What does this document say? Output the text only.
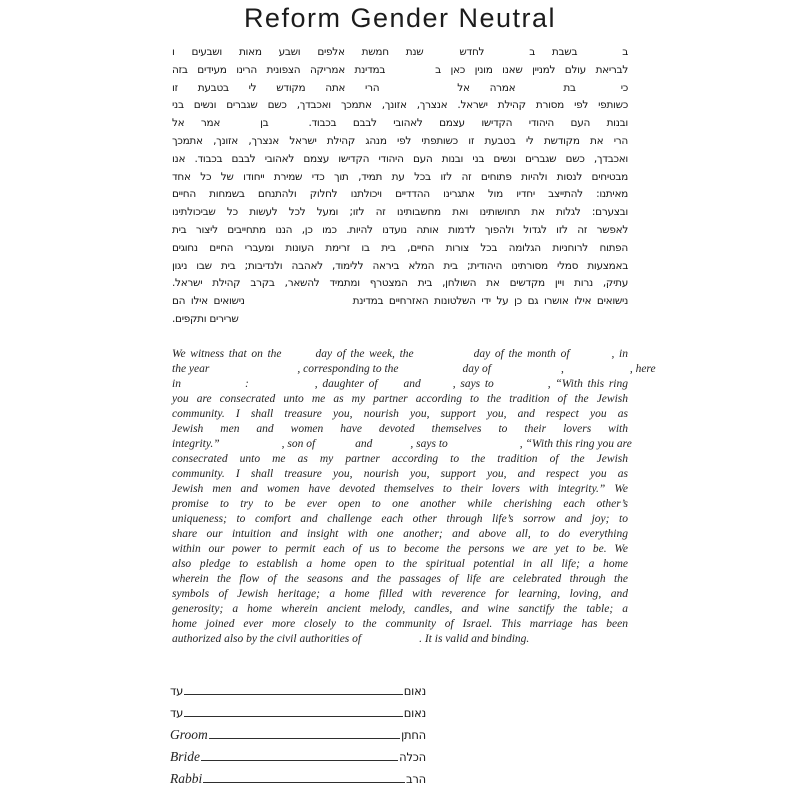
Reform Gender Neutral
בבשבת בלחדששנת חמשת אלפים ושבע מאות ושבעים ו
לבריאת עולם למניין שאנו מונין כאן בבמדינת אמריקה הצפונית הרינו מעידים בזה
כיבתאמרה אלהרי אתה מקודש לי בטבעת זו
כשותפי לפי מסורת קהילת ישראל. אנצרך, אזונך, אתמכך ואכבדך, כשם שגברים ונשים בני
ובנות העם היהודי הקדישו עצמם לאהובי לבבם בכבוד.בןאמר אל
הרי את מקודשת לי בטבעת זו כשותפתי לפי מנהג קהילת ישראל אנצרך, אזונך, אתמכך
ואכבדך, כשם שגברים ונשים בני ובנות העם היהודי הקדישו עצמם לאהובי לבבם בכבוד. אנו
מבטיחים לנסות ולהיות פתוחים זה לזו בכל עת תמיד, תוך כדי שמירת ייחודו של כל אחד
מאיתנו: להתייצב יחדיו מול אתגרינו ההדדיים ויכולתנו לחלוק ולהתנחם בשמחות החיים
ובצערם: לגלות את תחושותינו ואת מחשבותינו זה לזו; ומעל לכל לעשות כל שביכולתינו
לאפשר זה לזו לגדול ולהפוך לדמות אותה נועדנו להיות. כמו כן, הננו מתחייבים ליצור בית
הפתוח לרוחניות הגלומה בכל צורות החיים, בית בו זרימת העונות ומעברי החיים נחוגים
באמצעות סמלי מסורתינו היהודית; בית המלא ביראה ללימוד, לאהבה ולנדיבות; בית שבו ניגון
עתיק, נרות ויין מקדשים את השולחן, בית המצטרף ומתמיד להשאר, בקרב קהילת ישראל.
נישואים אילו אושרו גם כן על ידי השלטונות האזרחיים במדינתנישואים אילו הם
שרירים ותקפים.
We witness that on the	day of the week, the	day of the month of	, in
the year	, corresponding to the	day of	,	, here
in	:	, daughter of and	, says to	, “With this ring
you are consecrated unto me as my partner according to the tradition of the Jewish
community. I shall treasure you, nourish you, support you, and respect you as
Jewish men and women have devoted themselves to their lovers with
integrity.”	, son of	and	, says to	, “With this ring you are
consecrated unto me as my partner according to the tradition of the Jewish
community. I shall treasure you, nourish you, support you, and respect you as
Jewish men and women have devoted themselves to their lovers with integrity.” We
promise to try to be ever open to one another while cherishing each other’s
uniqueness; to comfort and challenge each other through life’s sorrow and joy; to
share our intuition and insight with one another; and above all, to do everything
within our power to permit each of us to become the persons we are yet to be. We
also pledge to establish a home open to the spiritual potential in all life; a home
wherein the flow of the seasons and the passages of life are celebrated through the
symbols of Jewish heritage; a home filled with reverence for learning, loving, and
generosity; a home wherein ancient melody, candles, and wine sanctify the table; a
home joined ever more closely to the community of Israel. This marriage has been
authorized also by the civil authorities of	. It is valid and binding.
עד	נאום
עד	נאום
Groom	החתן
Bride	הכלה
Rabbi	הרב
